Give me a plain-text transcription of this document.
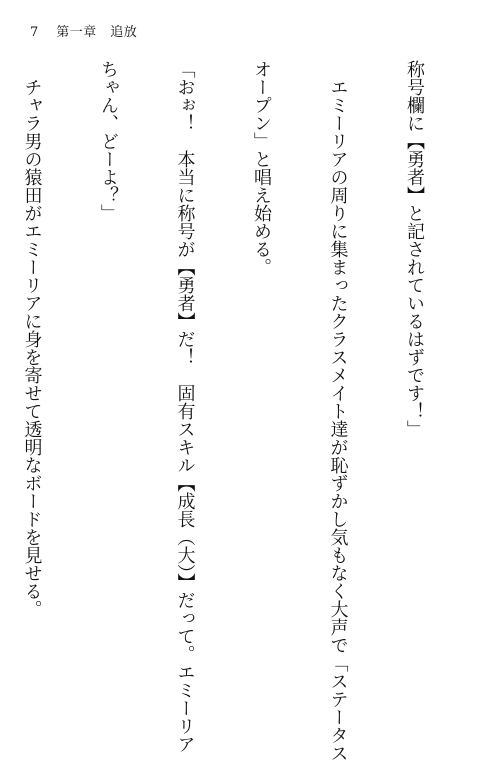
7 第一章　追放

称号欄に【勇者】と記されているはずです！」

　エミーリアの周りに集まったクラスメイト達が恥ずかし気もなく大声で「ステータス

オープン」と唱え始める。

「おぉ！　本当に称号が【勇者】だ！　固有スキル【成長（大）】だって。エミーリア

ちゃん、どーよ？」

　チャラ男の猿田がエミーリアに身を寄せて透明なボードを見せる。
